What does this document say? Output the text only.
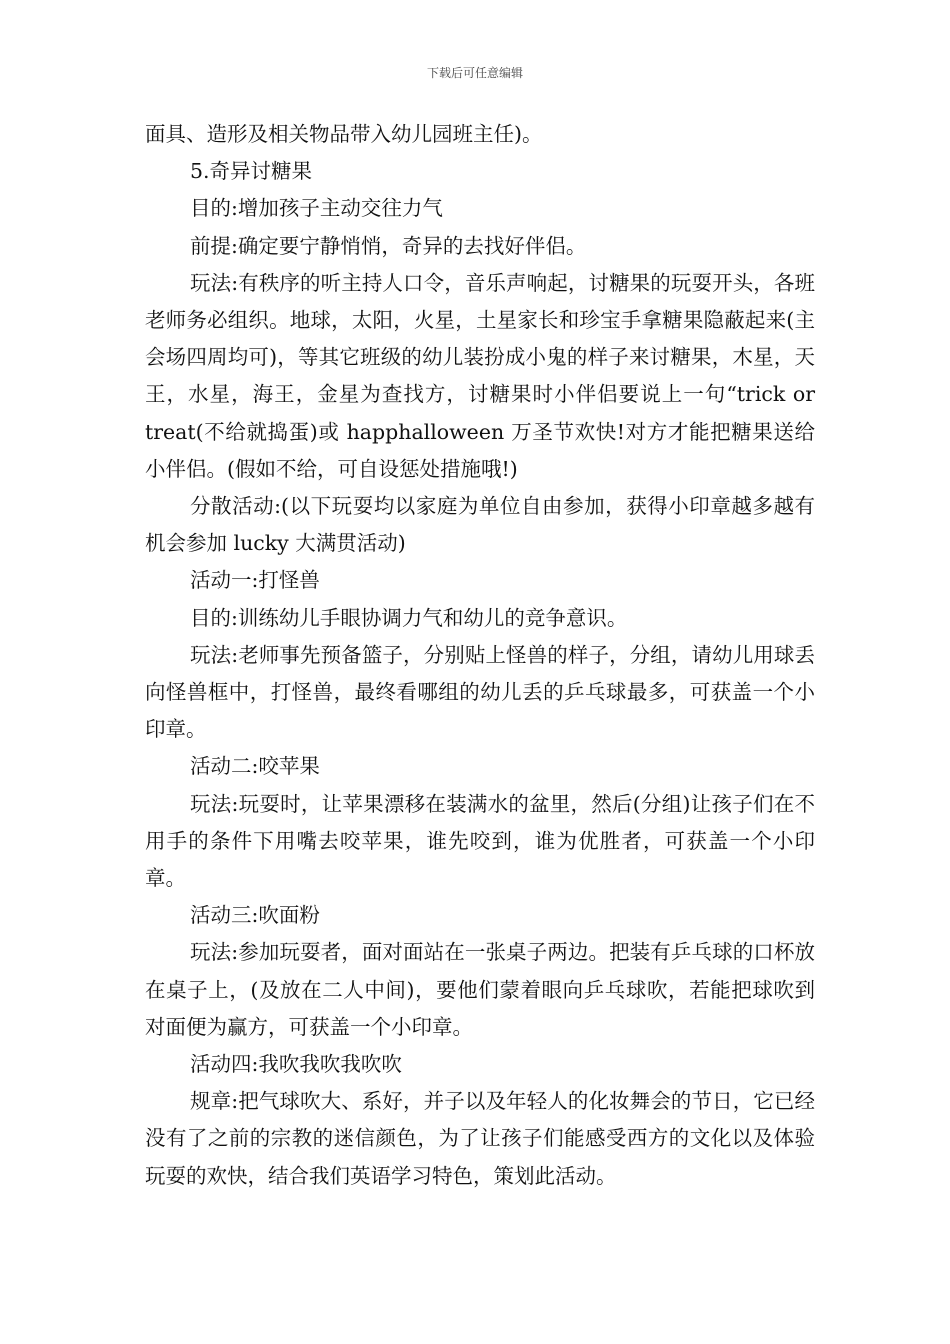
下载后可任意编辑

面具、造形及相关物品带入幼儿园班主任)。

5.奇异讨糖果

目的:增加孩子主动交往力气

前提:确定要宁静悄悄，奇异的去找好伴侣。

玩法:有秩序的听主持人口令，音乐声响起，讨糖果的玩耍开头，各班老师务必组织。地球，太阳，火星，土星家长和珍宝手拿糖果隐蔽起来(主会场四周均可)，等其它班级的幼儿装扮成小鬼的样子来讨糖果，木星，天王，水星，海王，金星为查找方，讨糖果时小伴侣要说上一句“trick or treat(不给就捣蛋)或 happhalloween 万圣节欢快!对方才能把糖果送给小伴侣。(假如不给，可自设惩处措施哦!)

分散活动:(以下玩耍均以家庭为单位自由参加，获得小印章越多越有机会参加 lucky 大满贯活动)

活动一:打怪兽

目的:训练幼儿手眼协调力气和幼儿的竞争意识。

玩法:老师事先预备篮子，分别贴上怪兽的样子，分组，请幼儿用球丢向怪兽框中，打怪兽，最终看哪组的幼儿丢的乒乓球最多，可获盖一个小印章。

活动二:咬苹果

玩法:玩耍时，让苹果漂移在装满水的盆里，然后(分组)让孩子们在不用手的条件下用嘴去咬苹果，谁先咬到，谁为优胜者，可获盖一个小印章。

活动三:吹面粉

玩法:参加玩耍者，面对面站在一张桌子两边。把装有乒乓球的口杯放在桌子上，(及放在二人中间)，要他们蒙着眼向乒乓球吹，若能把球吹到对面便为赢方，可获盖一个小印章。

活动四:我吹我吹我吹吹

规章:把气球吹大、系好，并子以及年轻人的化妆舞会的节日，它已经没有了之前的宗教的迷信颜色，为了让孩子们能感受西方的文化以及体验玩耍的欢快，结合我们英语学习特色，策划此活动。
